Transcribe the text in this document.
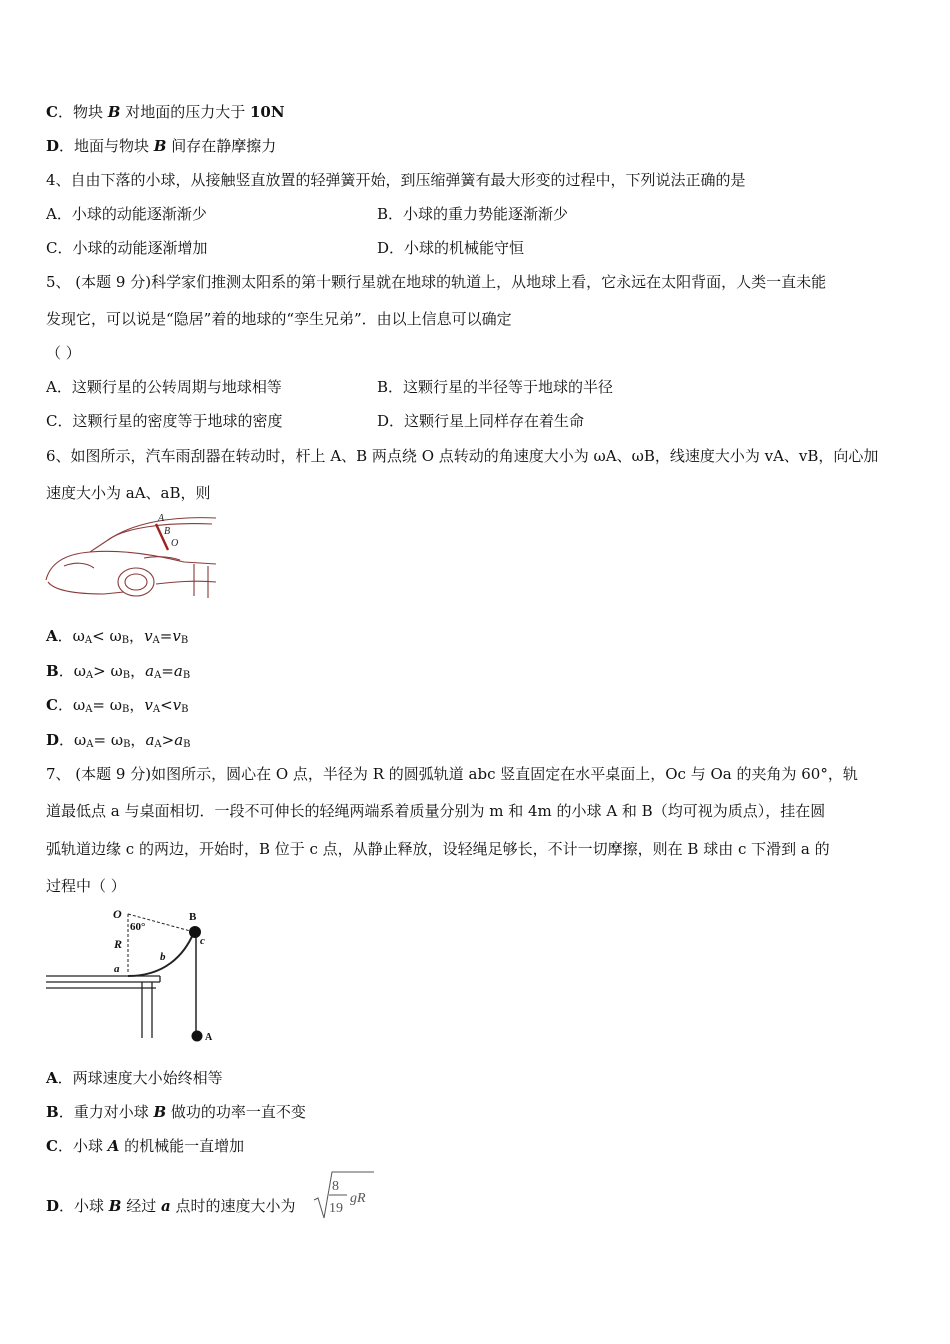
C．物块 B 对地面的压力大于 10N
D．地面与物块 B 间存在静摩擦力
4、自由下落的小球，从接触竖直放置的轻弹簧开始，到压缩弹簧有最大形变的过程中，下列说法正确的是
A．小球的动能逐渐渐少	B．小球的重力势能逐渐渐少
C．小球的动能逐渐增加	D．小球的机械能守恒
5、 (本题 9 分)科学家们推测太阳系的第十颗行星就在地球的轨道上，从地球上看，它永远在太阳背面，人类一直未能
发现它，可以说是“隐居”着的地球的“孪生兄弟”．由以上信息可以确定
（ ）
A．这颗行星的公转周期与地球相等	B．这颗行星的半径等于地球的半径
C．这颗行星的密度等于地球的密度	D．这颗行星上同样存在着生命
6、如图所示，汽车雨刮器在转动时，杆上 A、B 两点绕 O 点转动的角速度大小为 ωA、ωB，线速度大小为 vA、vB，向心加
速度大小为 aA、aB，则
A
B
O
A．$\omega_A< \omega_B$，$v_A=v_B$
B．$\omega_A> \omega_B$，$a_A=a_B$
C．$\omega_A= \omega_B$，$v_A<v_B$
D．$\omega_A= \omega_B$，$a_A>a_B$
7、 (本题 9 分)如图所示，圆心在 O 点，半径为 R 的圆弧轨道 abc 竖直固定在水平桌面上，Oc 与 Oa 的夹角为 60°，轨
道最低点 a 与桌面相切．一段不可伸长的轻绳两端系着质量分别为 m 和 4m 的小球 A 和 B（均可视为质点），挂在圆
弧轨道边缘 c 的两边，开始时，B 位于 c 点，从静止释放，设轻绳足够长，不计一切摩擦，则在 B 球由 c 下滑到 a 的
过程中（ ）
O
60°
R
a
b
c
B
A
A．两球速度大小始终相等
B．重力对小球 B 做功的功率一直不变
C．小球 A 的机械能一直增加
D．小球 B 经过 a 点时的速度大小为
8
19
gR
